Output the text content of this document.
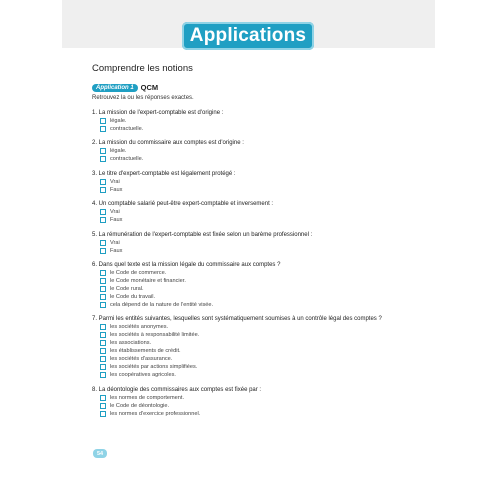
Applications
Comprendre les notions
Application 1 QCM
Retrouvez la ou les réponses exactes.
1. La mission de l'expert-comptable est d'origine :
légale.
contractuelle.
2. La mission du commissaire aux comptes est d'origine :
légale.
contractuelle.
3. Le titre d'expert-comptable est légalement protégé :
Vrai
Faux
4. Un comptable salarié peut-être expert-comptable et inversement :
Vrai
Faux
5. La rémunération de l'expert-comptable est fixée selon un barème professionnel :
Vrai
Faux
6. Dans quel texte est la mission légale du commissaire aux comptes ?
le Code de commerce.
le Code monétaire et financier.
le Code rural.
le Code du travail.
cela dépend de la nature de l'entité visée.
7. Parmi les entités suivantes, lesquelles sont systématiquement soumises à un contrôle légal des comptes ?
les sociétés anonymes.
les sociétés à responsabilité limitée.
les associations.
les établissements de crédit.
les sociétés d'assurance.
les sociétés par actions simplifiées.
les coopératives agricoles.
8. La déontologie des commissaires aux comptes est fixée par :
les normes de comportement.
le Code de déontologie.
les normes d'exercice professionnel.
54
